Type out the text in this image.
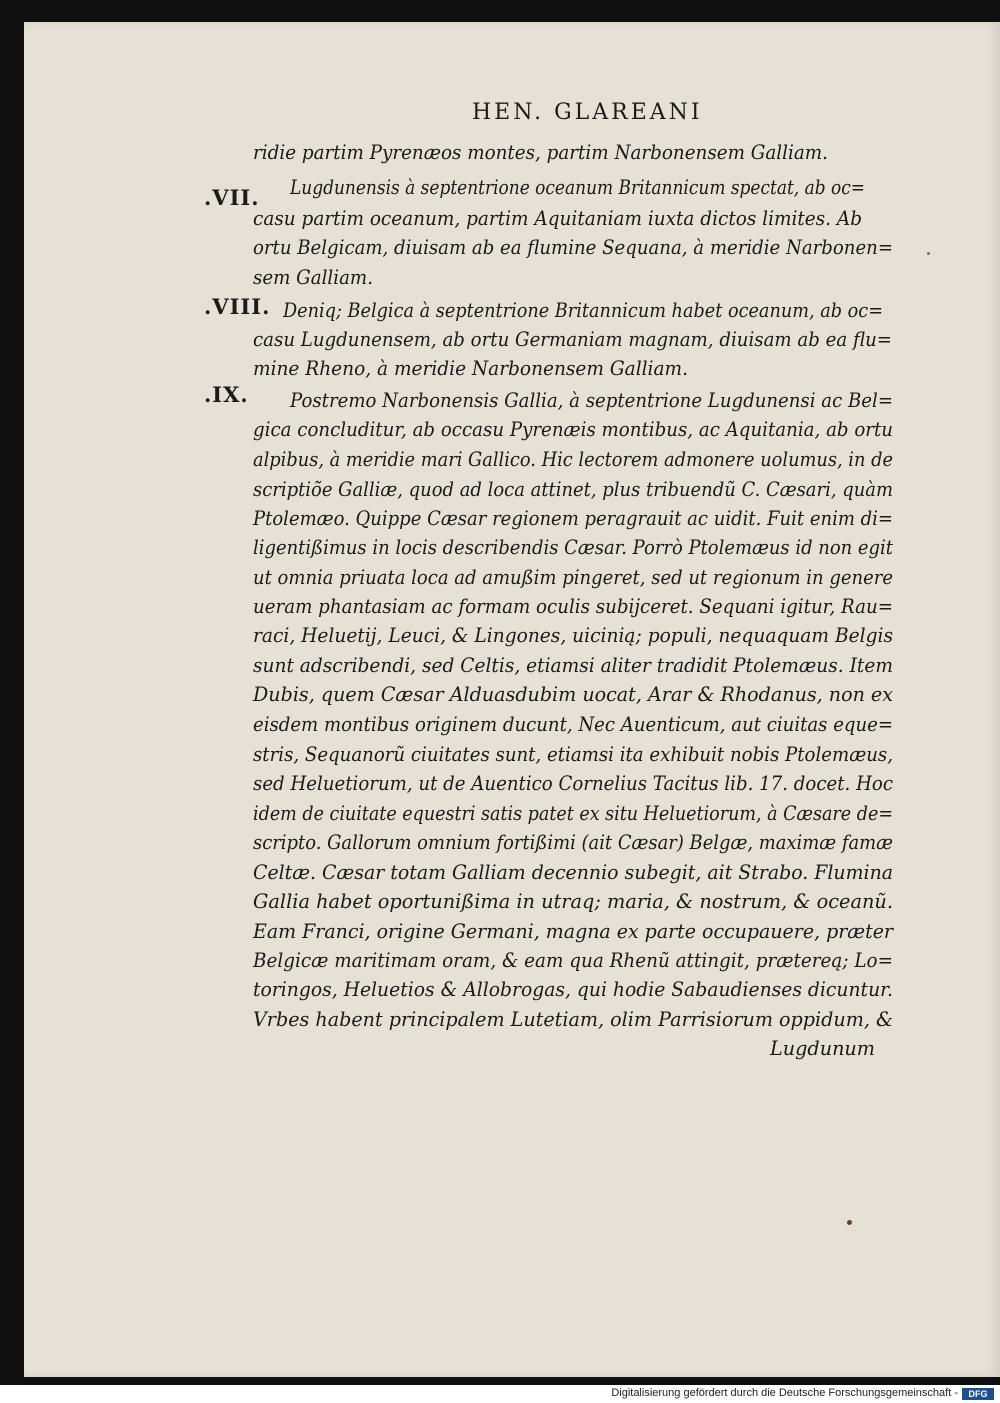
HEN. GLAREANI
.VII.
.VIII.
.IX.
ridie partim Pyrenæos montes, partim Narbonensem Galliam.
Lugdunensis à septentrione oceanum Britannicum spectat, ab oc=
casu partim oceanum, partim Aquitaniam iuxta dictos limites. Ab
ortu Belgicam, diuisam ab ea flumine Sequana, à meridie Narbonen=
sem Galliam.
Deniq; Belgica à septentrione Britannicum habet oceanum, ab oc=
casu Lugdunensem, ab ortu Germaniam magnam, diuisam ab ea flu=
mine Rheno, à meridie Narbonensem Galliam.
Postremo Narbonensis Gallia, à septentrione Lugdunensi ac Bel=
gica concluditur, ab occasu Pyrenæis montibus, ac Aquitania, ab ortu
alpibus, à meridie mari Gallico. Hic lectorem admonere uolumus, in de
scriptiõe Galliæ, quod ad loca attinet, plus tribuendũ C. Cæsari, quàm
Ptolemæo. Quippe Cæsar regionem peragrauit ac uidit. Fuit enim di=
ligentißimus in locis describendis Cæsar. Porrò Ptolemæus id non egit
ut omnia priuata loca ad amußim pingeret, sed ut regionum in genere
ueram phantasiam ac formam oculis subijceret. Sequani igitur, Rau=
raci, Heluetij, Leuci, & Lingones, uicinią; populi, nequaquam Belgis
sunt adscribendi, sed Celtis, etiamsi aliter tradidit Ptolemæus. Item
Dubis, quem Cæsar Alduasdubim uocat, Arar & Rhodanus, non ex
eisdem montibus originem ducunt, Nec Auenticum, aut ciuitas eque=
stris, Sequanorũ ciuitates sunt, etiamsi ita exhibuit nobis Ptolemæus,
sed Heluetiorum, ut de Auentico Cornelius Tacitus lib. 17. docet. Hoc
idem de ciuitate equestri satis patet ex situ Heluetiorum, à Cæsare de=
scripto. Gallorum omnium fortißimi (ait Cæsar) Belgæ, maximæ famæ
Celtæ. Cæsar totam Galliam decennio subegit, ait Strabo. Flumina
Gallia habet oportunißima in utraq; maria, & nostrum, & oceanũ.
Eam Franci, origine Germani, magna ex parte occupauere, præter
Belgicæ maritimam oram, & eam qua Rhenũ attingit, prætereą; Lo=
toringos, Heluetios & Allobrogas, qui hodie Sabaudienses dicuntur.
Vrbes habent principalem Lutetiam, olim Parrisiorum oppidum, &
Lugdunum
Digitalisierung gefördert durch die Deutsche Forschungsgemeinschaft -	DFG
